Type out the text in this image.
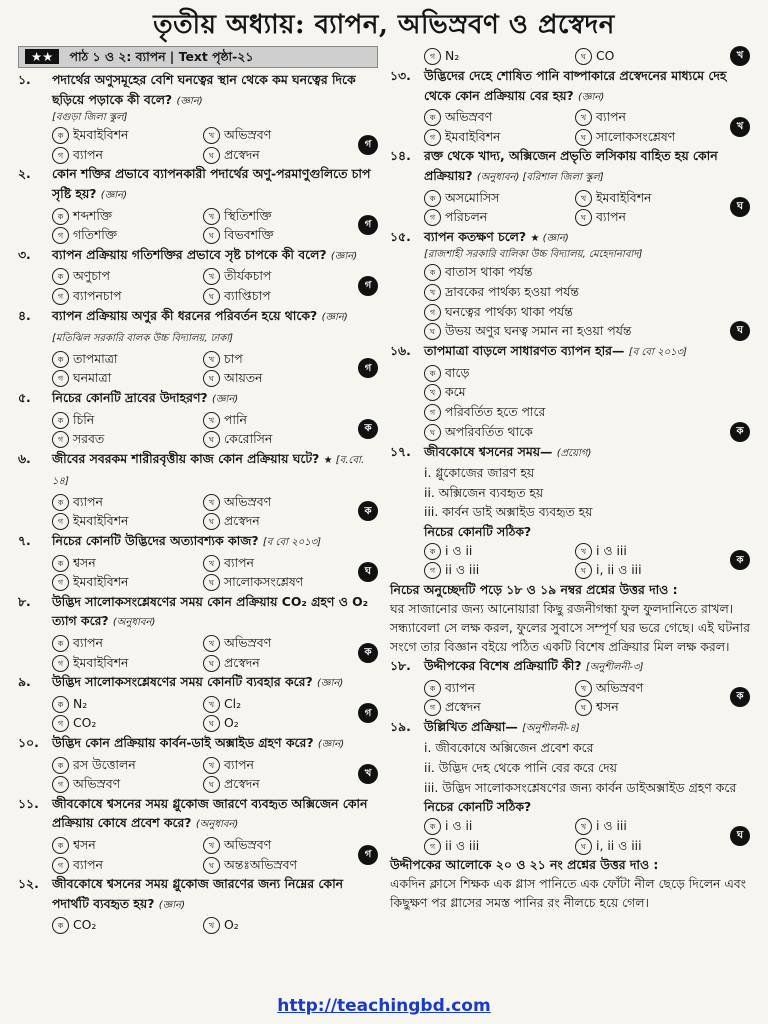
তৃতীয় অধ্যায়: ব্যাপন, অভিস্রবণ ও প্রস্বেদন
★★ পাঠ ১ ও ২: ব্যাপন | Text পৃষ্ঠা-২১
১.	পদার্থের অণুসমূহের বেশি ঘনত্বের স্থান থেকে কম ঘনত্বের দিকে ছড়িয়ে পড়াকে কী বলে? (জ্ঞান)
[বগুড়া জিলা স্কুল]
ক ইমবাইবিশন	খ অভিস্রবণ
গ
গ ব্যাপন	ঘ প্রস্বেদন
২.	কোন শক্তির প্রভাবে ব্যাপনকারী পদার্থের অণু-পরমাণুগুলিতে চাপ সৃষ্টি হয়? (জ্ঞান)
ক শব্দশক্তি	খ স্থিতিশক্তি
গ
গ গতিশক্তি	ঘ বিভবশক্তি
৩.	ব্যাপন প্রক্রিয়ায় গতিশক্তির প্রভাবে সৃষ্ট চাপকে কী বলে? (জ্ঞান)
ক অণুচাপ	খ তীর্যকচাপ
গ
গ ব্যাপনচাপ	ঘ ব্যাপ্তিচাপ
৪.	ব্যাপন প্রক্রিয়ায় অণুর কী ধরনের পরিবর্তন হয়ে থাকে? (জ্ঞান) [মতিঝিল সরকারি বালক উচ্চ বিদ্যালয়, ঢাকা]
ক তাপমাত্রা	খ চাপ
গ
গ ঘনমাত্রা	ঘ আয়তন
৫.	নিচের কোনটি দ্রাবের উদাহরণ? (জ্ঞান)
ক চিনি	খ পানি
ক
গ সরবত	ঘ কেরোসিন
৬.	জীবের সবরকম শারীরবৃত্তীয় কাজ কোন প্রক্রিয়ায় ঘটে? ★ [ব.বো. ১৪]
ক ব্যাপন	খ অভিস্রবণ
ক
গ ইমবাইবিশন	ঘ প্রস্বেদন
৭.	নিচের কোনটি উদ্ভিদের অত্যাবশ্যক কাজ? [ব বো ২০১৩]
ক শ্বসন	খ ব্যাপন
ঘ
গ ইমবাইবিশন	ঘ সালোকসংশ্লেষণ
৮.	উদ্ভিদ সালোকসংশ্লেষণের সময় কোন প্রক্রিয়ায় CO₂ গ্রহণ ও O₂ ত্যাগ করে? (অনুধাবন)
ক ব্যাপন	খ অভিস্রবণ
ক
গ ইমবাইবিশন	ঘ প্রস্বেদন
৯.	উদ্ভিদ সালোকসংশ্লেষণের সময় কোনটি ব্যবহার করে? (জ্ঞান)
ক N₂	খ Cl₂
গ
গ CO₂	ঘ O₂
১০.	উদ্ভিদ কোন প্রক্রিয়ায় কার্বন-ডাই অক্সাইড গ্রহণ করে? (জ্ঞান)
ক রস উত্তোলন	খ ব্যাপন
খ
গ অভিস্রবণ	ঘ প্রস্বেদন
১১.	জীবকোষে শ্বসনের সময় গ্লুকোজ জারণে ব্যবহৃত অক্সিজেন কোন প্রক্রিয়ায় কোষে প্রবেশ করে? (অনুধাবন)
ক শ্বসন	খ অভিস্রবণ
গ
গ ব্যাপন	ঘ অন্তঃঅভিস্রবণ
১২.	জীবকোষে শ্বসনের সময় গ্লুকোজ জারণের জন্য নিম্নের কোন পদার্থটি ব্যবহৃত হয়? (জ্ঞান)
ক CO₂	খ O₂
গ N₂	ঘ CO	খ
১৩.	উদ্ভিদের দেহে শোষিত পানি বাষ্পাকারে প্রস্বেদনের মাধ্যমে দেহ থেকে কোন প্রক্রিয়ায় বের হয়? (জ্ঞান)
ক অভিস্রবণ	খ ব্যাপন
খ
গ ইমবাইবিশন	ঘ সালোকসংশ্লেষণ
১৪.	রক্ত থেকে খাদ্য, অক্সিজেন প্রভৃতি লসিকায় বাহিত হয় কোন প্রক্রিয়ায়? (অনুধাবন) [বরিশাল জিলা স্কুল]
ক অসমোসিস	খ ইমবাইবিশন
ঘ
গ পরিচলন	ঘ ব্যাপন
১৫.	ব্যাপন কতক্ষণ চলে? ★ (জ্ঞান)
[রাজশাহী সরকারি বালিকা উচ্চ বিদ্যালয়, মেহেদানাবাদ]
ক বাতাস থাকা পর্যন্ত
খ দ্রাবকের পার্থক্য হওয়া পর্যন্ত
গ ঘনত্বের পার্থক্য থাকা পর্যন্ত
ঘ উভয় অণুর ঘনত্ব সমান না হওয়া পর্যন্ত	ঘ
১৬.	তাপমাত্রা বাড়লে সাধারণত ব্যাপন হার— [ব বো ২০১৩]
ক বাড়ে
খ কমে
গ পরিবর্তিত হতে পারে
ঘ অপরিবর্তিত থাকে	ক
১৭.	জীবকোষে শ্বসনের সময়— (প্রয়োগ)
i. গ্লুকোজের জারণ হয়
ii. অক্সিজেন ব্যবহৃত হয়
iii. কার্বন ডাই অক্সাইড ব্যবহৃত হয়
নিচের কোনটি সঠিক?
ক i ও ii	খ i ও iii
ক
গ ii ও iii	ঘ i, ii ও iii
নিচের অনুচ্ছেদটি পড়ে ১৮ ও ১৯ নম্বর প্রশ্নের উত্তর দাও :
ঘর সাজানোর জন্য আনোয়ারা কিছু রজনীগন্ধা ফুল ফুলদানিতে রাখল। সন্ধ্যাবেলা সে লক্ষ করল, ফুলের সুবাসে সম্পূর্ণ ঘর ভরে গেছে। এই ঘটনার সংগে তার বিজ্ঞান বইয়ে পঠিত একটি বিশেষ প্রক্রিয়ার মিল লক্ষ করল।
১৮.	উদ্দীপকের বিশেষ প্রক্রিয়াটি কী? [অনুশীলনী-৩]
ক ব্যাপন	খ অভিস্রবণ
ক
গ প্রস্বেদন	ঘ শ্বসন
১৯.	উল্লিখিত প্রক্রিয়া— [অনুশীলনী-৪]
i. জীবকোষে অক্সিজেন প্রবেশ করে
ii. উদ্ভিদ দেহ থেকে পানি বের করে দেয়
iii. উদ্ভিদ সালোকসংশ্লেষণের জন্য কার্বন ডাইঅক্সাইড গ্রহণ করে
নিচের কোনটি সঠিক?
ক i ও ii	খ i ও iii
ঘ
গ ii ও iii	ঘ i, ii ও iii
উদ্দীপকের আলোকে ২০ ও ২১ নং প্রশ্নের উত্তর দাও :
একদিন ক্লাসে শিক্ষক এক গ্লাস পানিতে এক ফোঁটা নীল ছেড়ে দিলেন এবং কিছুক্ষণ পর গ্লাসের সমস্ত পানির রং নীলচে হয়ে গেল।
http://teachingbd.com
